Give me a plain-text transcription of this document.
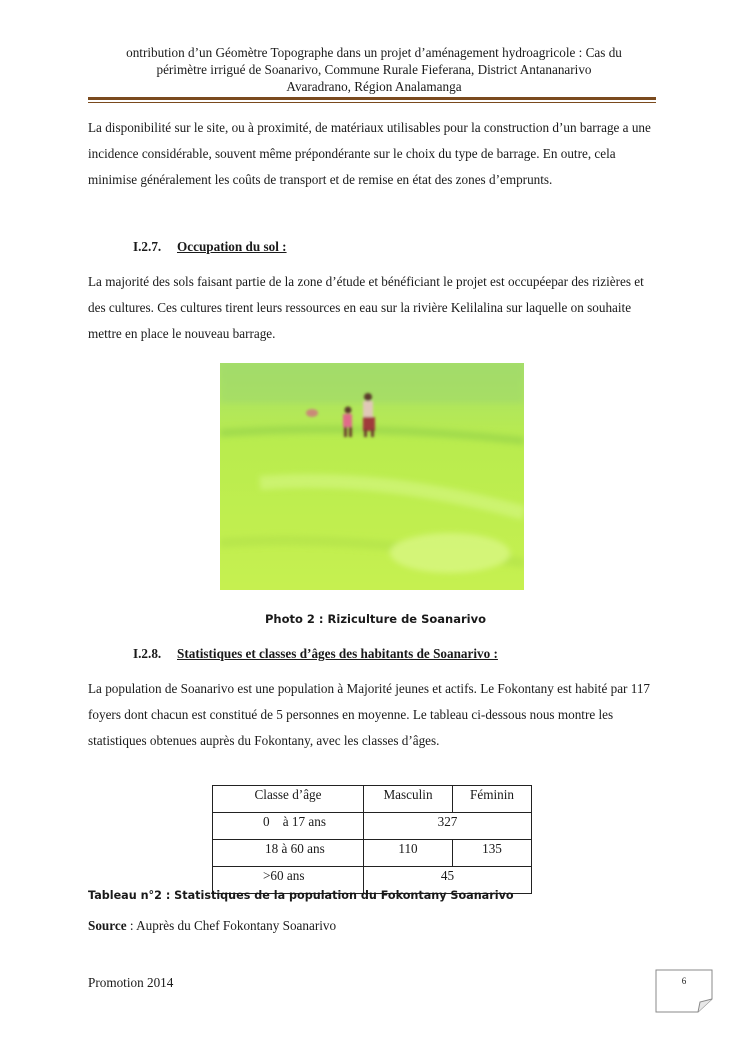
ontribution d’un Géomètre Topographe dans un projet d’aménagement hydroagricole : Cas du
périmètre irrigué de Soanarivo, Commune Rurale Fieferana, District Antananarivo
Avaradrano, Région Analamanga
La disponibilité sur le site, ou à proximité, de matériaux utilisables pour la construction d’un barrage a une incidence considérable, souvent même prépondérante sur le choix du type de barrage. En outre, cela minimise généralement les coûts de transport et de remise en état des zones d’emprunts.
I.2.7. Occupation du sol :
La majorité des sols faisant partie de la zone d’étude et bénéficiant le projet est occupéepar des rizières et des cultures. Ces cultures tirent leurs ressources en eau sur la rivière Kelilalina sur laquelle on souhaite mettre en place le nouveau barrage.
Photo 2 : Riziculture de Soanarivo
I.2.8. Statistiques et classes d’âges des habitants de Soanarivo :
La population de Soanarivo est une population à Majorité jeunes et actifs. Le Fokontany est habité par 117 foyers dont chacun est constitué de 5 personnes en moyenne. Le tableau ci-dessous nous montre les statistiques obtenues auprès du Fokontany, avec les classes d’âges.
Classe d’âge	Masculin	Féminin
0    à 17 ans	327	
18 à 60 ans	110	135
>60 ans	45	
Tableau n°2 : Statistiques de la population du Fokontany Soanarivo
Source : Auprès du Chef Fokontany Soanarivo
Promotion 2014	6
